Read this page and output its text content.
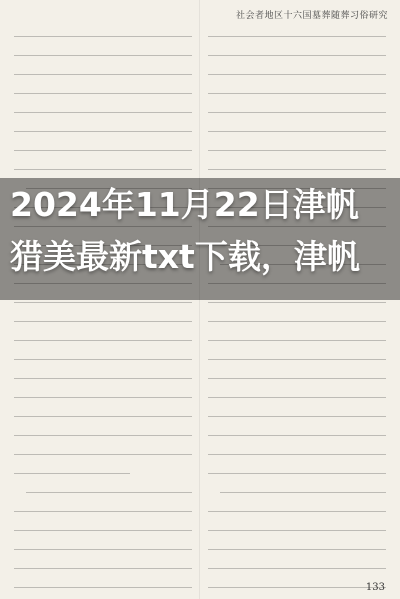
社会者地区十六国墓葬随葬习俗研究
2024年11月22日津帆猎美最新txt下载，津帆
133
